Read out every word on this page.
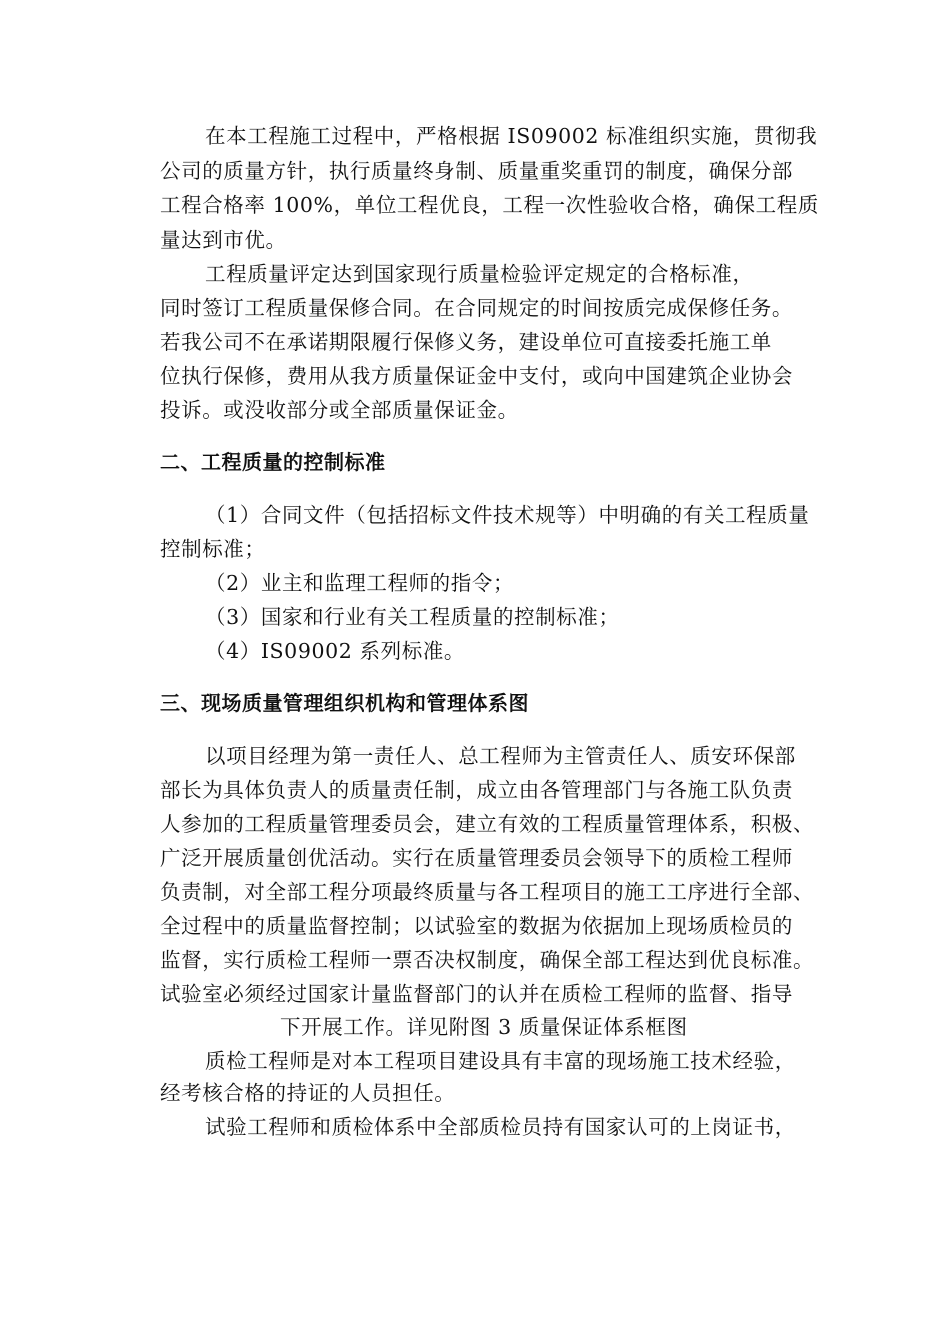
在本工程施工过程中，严格根据 IS09002 标准组织实施，贯彻我
公司的质量方针，执行质量终身制、质量重奖重罚的制度，确保分部
工程合格率 100%，单位工程优良，工程一次性验收合格，确保工程质
量达到市优。
工程质量评定达到国家现行质量检验评定规定的合格标准，
同时签订工程质量保修合同。在合同规定的时间按质完成保修任务。
若我公司不在承诺期限履行保修义务，建设单位可直接委托施工单
位执行保修，费用从我方质量保证金中支付，或向中国建筑企业协会
投诉。或没收部分或全部质量保证金。
二、工程质量的控制标准
（1）合同文件（包括招标文件技术规等）中明确的有关工程质量
控制标准；
（2）业主和监理工程师的指令；
（3）国家和行业有关工程质量的控制标准；
（4）IS09002 系列标准。
三、现场质量管理组织机构和管理体系图
以项目经理为第一责任人、总工程师为主管责任人、质安环保部
部长为具体负责人的质量责任制，成立由各管理部门与各施工队负责
人参加的工程质量管理委员会，建立有效的工程质量管理体系，积极、
广泛开展质量创优活动。实行在质量管理委员会领导下的质检工程师
负责制，对全部工程分项最终质量与各工程项目的施工工序进行全部、
全过程中的质量监督控制；以试验室的数据为依据加上现场质检员的
监督，实行质检工程师一票否决权制度，确保全部工程达到优良标准。
试验室必须经过国家计量监督部门的认并在质检工程师的监督、指导
下开展工作。详见附图 3 质量保证体系框图
质检工程师是对本工程项目建设具有丰富的现场施工技术经验，
经考核合格的持证的人员担任。
试验工程师和质检体系中全部质检员持有国家认可的上岗证书，
